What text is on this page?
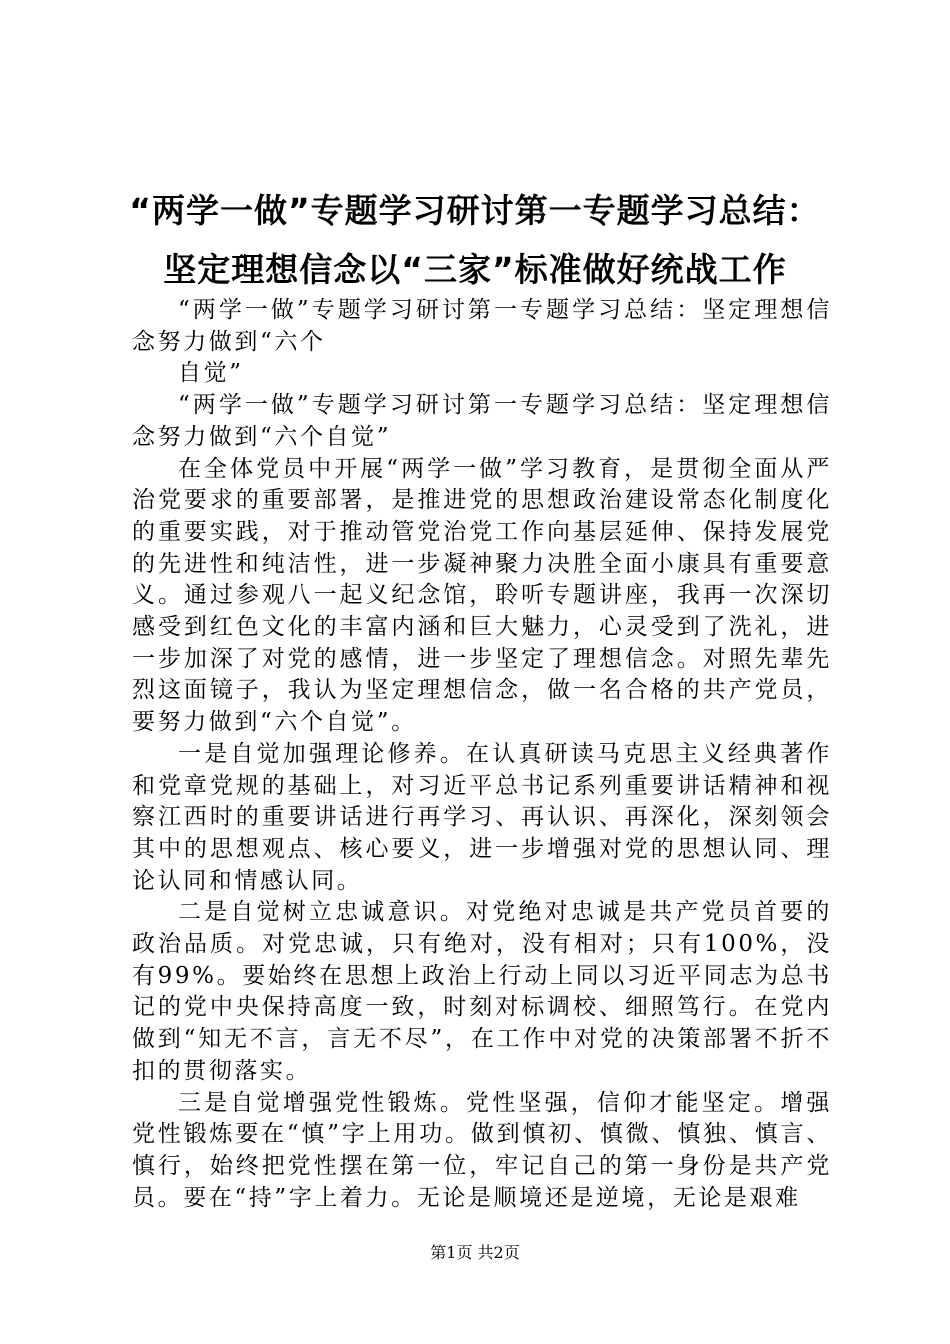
“两学一做”专题学习研讨第一专题学习总结：
坚定理想信念以“三家”标准做好统战工作

“两学一做”专题学习研讨第一专题学习总结：坚定理想信念努力做到“六个

自觉”

“两学一做”专题学习研讨第一专题学习总结：坚定理想信念努力做到“六个自觉”

在全体党员中开展“两学一做”学习教育，是贯彻全面从严治党要求的重要部署，是推进党的思想政治建设常态化制度化的重要实践，对于推动管党治党工作向基层延伸、保持发展党的先进性和纯洁性，进一步凝神聚力决胜全面小康具有重要意义。通过参观八一起义纪念馆，聆听专题讲座，我再一次深切感受到红色文化的丰富内涵和巨大魅力，心灵受到了洗礼，进一步加深了对党的感情，进一步坚定了理想信念。对照先辈先烈这面镜子，我认为坚定理想信念，做一名合格的共产党员，要努力做到“六个自觉”。

一是自觉加强理论修养。在认真研读马克思主义经典著作和党章党规的基础上，对习近平总书记系列重要讲话精神和视察江西时的重要讲话进行再学习、再认识、再深化，深刻领会其中的思想观点、核心要义，进一步增强对党的思想认同、理论认同和情感认同。

二是自觉树立忠诚意识。对党绝对忠诚是共产党员首要的政治品质。对党忠诚，只有绝对，没有相对；只有100%，没有99%。要始终在思想上政治上行动上同以习近平同志为总书记的党中央保持高度一致，时刻对标调校、细照笃行。在党内做到“知无不言，言无不尽”，在工作中对党的决策部署不折不扣的贯彻落实。

三是自觉增强党性锻炼。党性坚强，信仰才能坚定。增强党性锻炼要在“慎”字上用功。做到慎初、慎微、慎独、慎言、慎行，始终把党性摆在第一位，牢记自己的第一身份是共产党员。要在“持”字上着力。无论是顺境还是逆境，无论是艰难

第1页 共2页
